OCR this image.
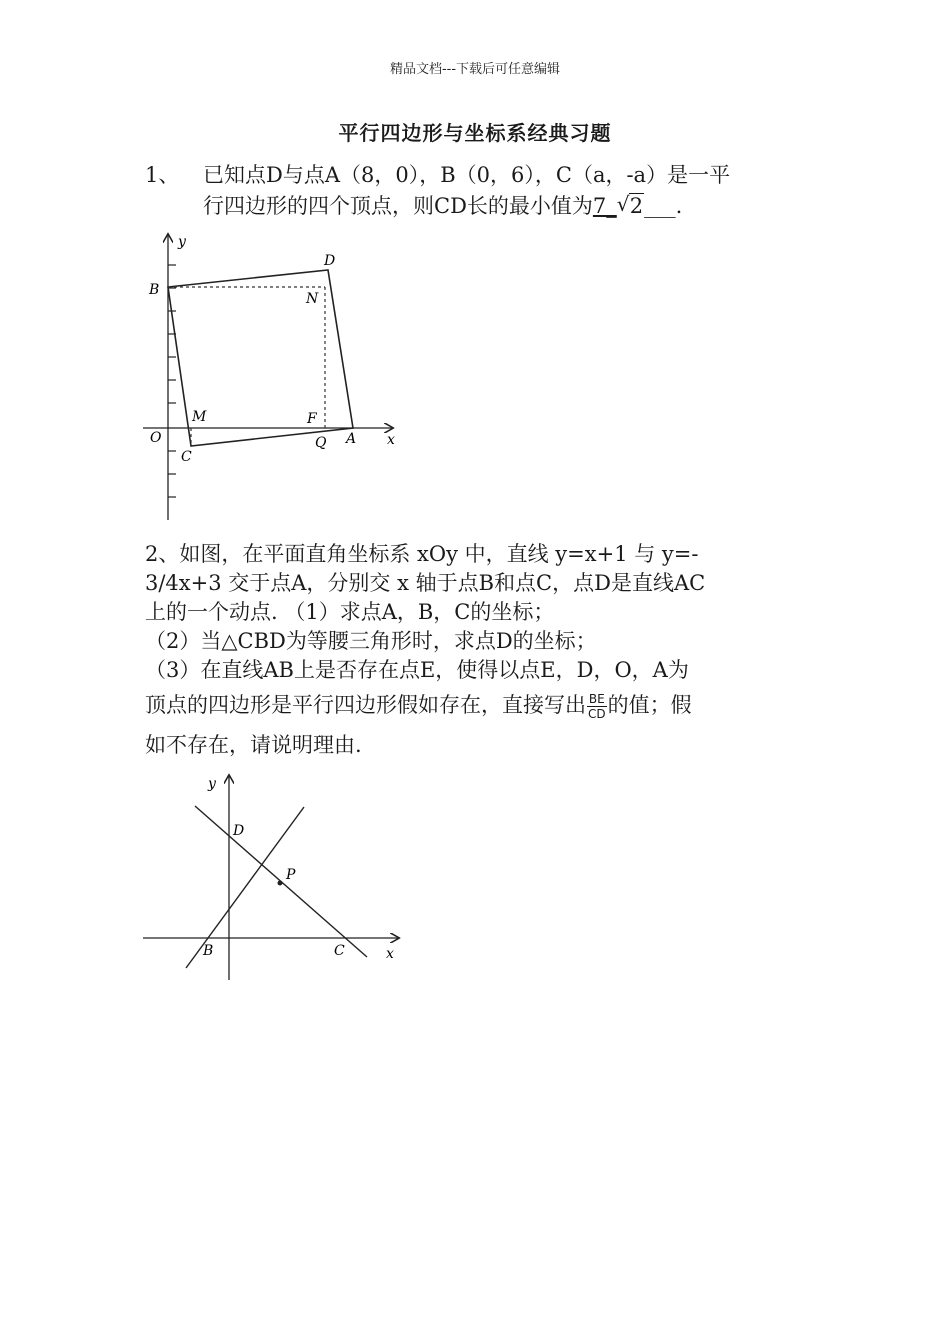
精品文档---下载后可任意编辑
平行四边形与坐标系经典习题
1、 已知点D与点A（8，0），B（0，6），C（a，-a）是一平
行四边形的四个顶点，则CD长的最小值为7_ √ 2___.
y
D
B
N
M	F
O	Q A x
C
2、如图，在平面直角坐标系 xOy 中，直线 y=x+1 与 y=-
3/4x+3 交于点A，分别交 x 轴于点B和点C，点D是直线AC
上的一个动点. （1）求点A，B，C的坐标；
（2）当△CBD为等腰三角形时，求点D的坐标；
（3）在直线AB上是否存在点E，使得以点E，D，O，A为
顶点的四边形是平行四边形假如存在，直接写出 $\frac{BE}{CD}$ 的值；假
如不存在，请说明理由.
y
D
P
B	C	x
